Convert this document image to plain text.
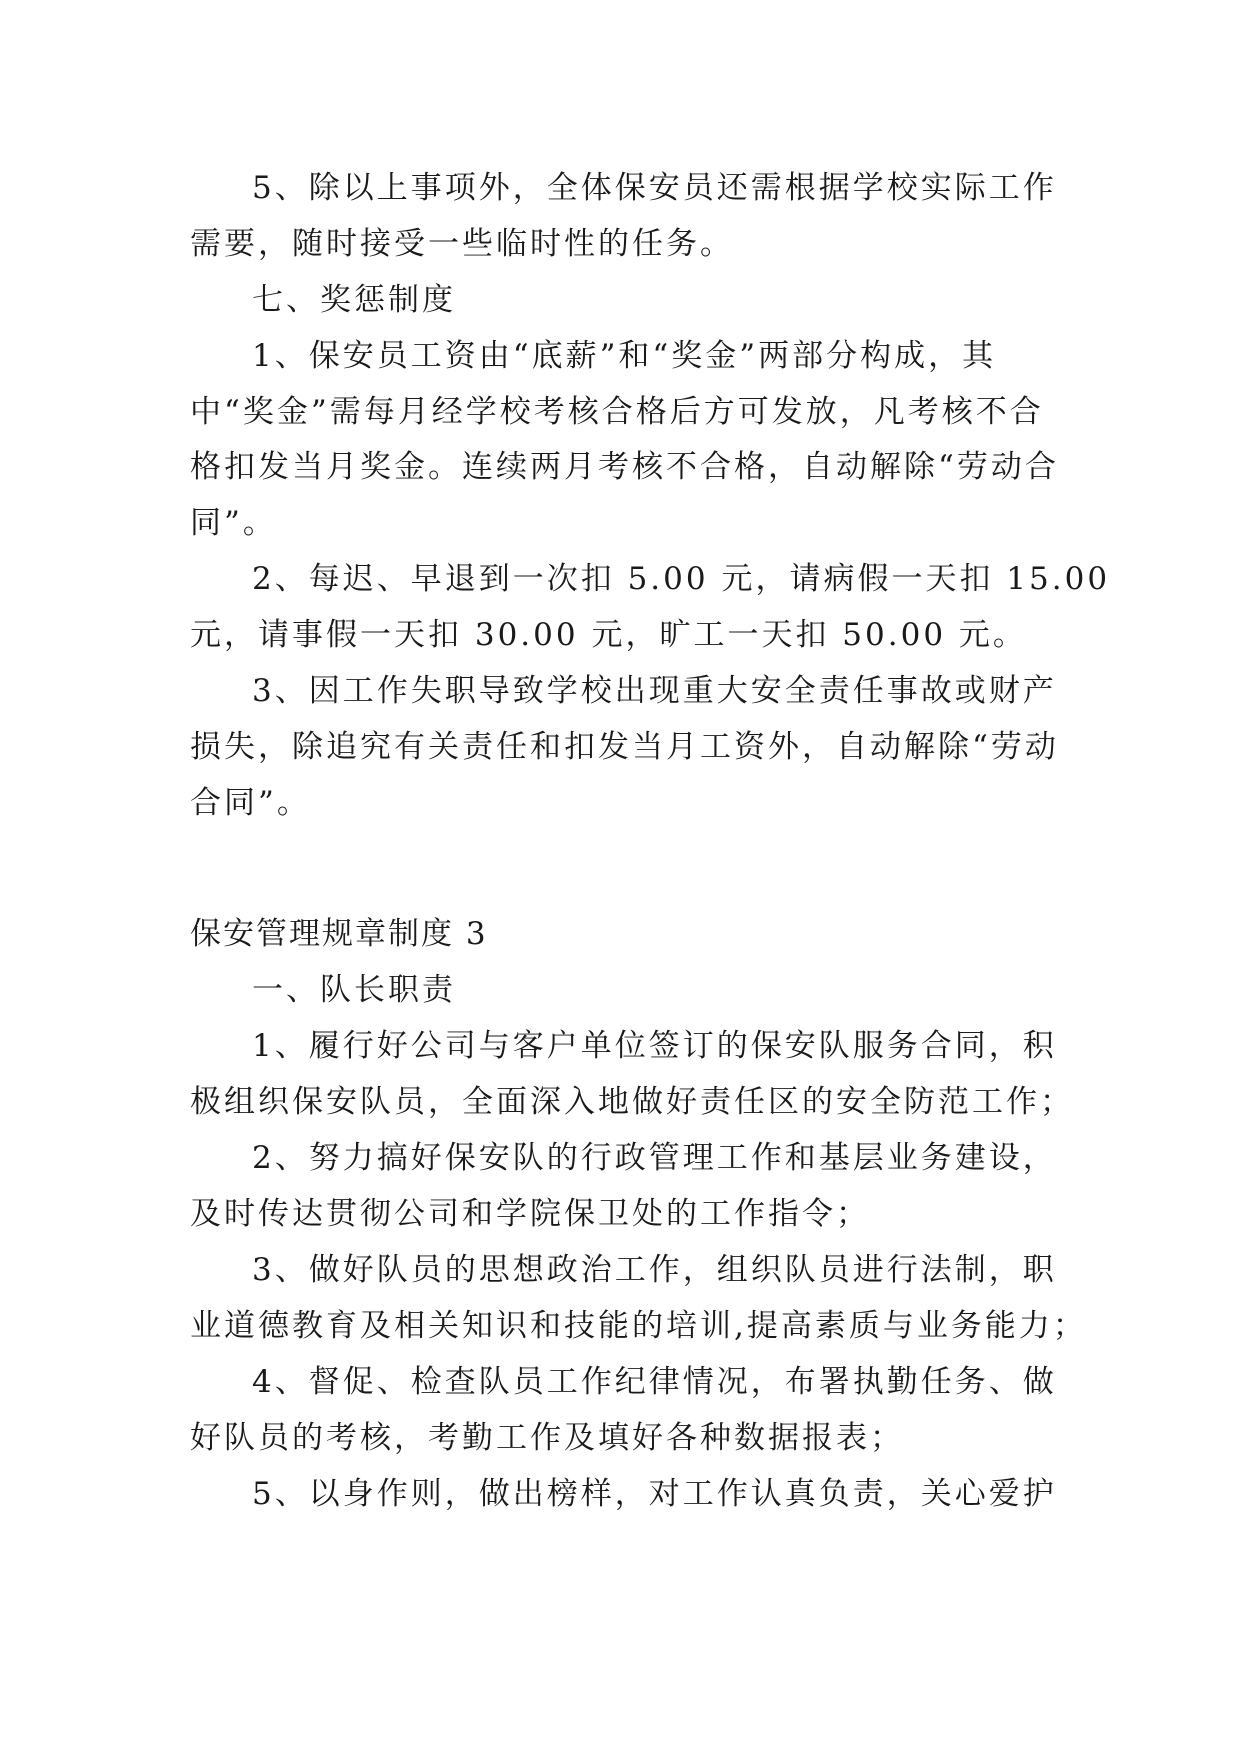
5、除以上事项外，全体保安员还需根据学校实际工作

需要，随时接受一些临时性的任务。

七、奖惩制度

1、保安员工资由“底薪”和“奖金”两部分构成，其

中“奖金”需每月经学校考核合格后方可发放，凡考核不合

格扣发当月奖金。连续两月考核不合格，自动解除“劳动合

同”。

2、每迟、早退到一次扣 5.00 元，请病假一天扣 15.00

元，请事假一天扣 30.00 元，旷工一天扣 50.00 元。

3、因工作失职导致学校出现重大安全责任事故或财产

损失，除追究有关责任和扣发当月工资外，自动解除“劳动

合同”。

保安管理规章制度 3

一、队长职责

1、履行好公司与客户单位签订的保安队服务合同，积

极组织保安队员，全面深入地做好责任区的安全防范工作；

2、努力搞好保安队的行政管理工作和基层业务建设，

及时传达贯彻公司和学院保卫处的工作指令；

3、做好队员的思想政治工作，组织队员进行法制，职

业道德教育及相关知识和技能的培训,提高素质与业务能力；

4、督促、检查队员工作纪律情况，布署执勤任务、做

好队员的考核，考勤工作及填好各种数据报表；

5、以身作则，做出榜样，对工作认真负责，关心爱护
